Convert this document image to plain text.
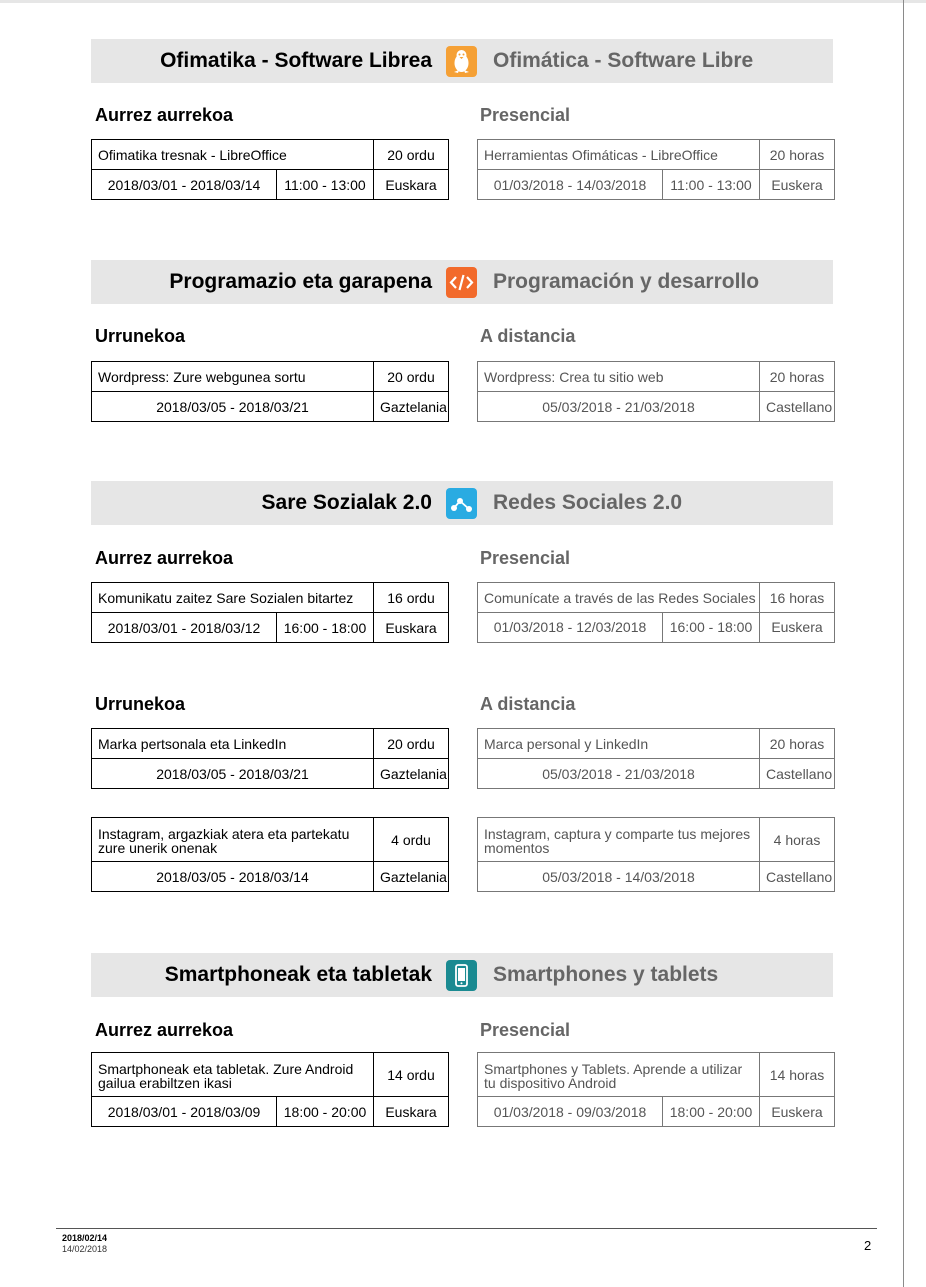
Ofimatika - Software Librea	Ofimática - Software Libre
Aurrez aurrekoa	Presencial
Ofimatika tresnak - LibreOffice		20 ordu
2018/03/01 - 2018/03/14	11:00 - 13:00	Euskara
Herramientas Ofimáticas - LibreOffice		20 horas
01/03/2018 - 14/03/2018	11:00 - 13:00	Euskera
Programazio eta garapena	Programación y desarrollo
Urrunekoa	A distancia
Wordpress: Zure webgunea sortu	20 ordu
2018/03/05 - 2018/03/21	Gaztelania
Wordpress: Crea tu sitio web	20 horas
05/03/2018 - 21/03/2018	Castellano
Sare Sozialak 2.0	Redes Sociales 2.0
Aurrez aurrekoa	Presencial
Komunikatu zaitez Sare Sozialen bitartez		16 ordu
2018/03/01 - 2018/03/12	16:00 - 18:00	Euskara
Comunícate a través de las Redes Sociales	16 horas
01/03/2018 - 12/03/2018	16:00 - 18:00	Euskera
Urrunekoa	A distancia
Marka pertsonala eta LinkedIn	20 ordu
2018/03/05 - 2018/03/21	Gaztelania
Marca personal y LinkedIn	20 horas
05/03/2018 - 21/03/2018	Castellano
Instagram, argazkiak atera eta partekatu zure unerik onenak	4 ordu
2018/03/05 - 2018/03/14	Gaztelania
Instagram, captura y comparte tus mejores momentos	4 horas
05/03/2018 - 14/03/2018	Castellano
Smartphoneak eta tabletak	Smartphones y tablets
Aurrez aurrekoa	Presencial
Smartphoneak eta tabletak. Zure Android gailua erabiltzen ikasi		14 ordu
2018/03/01 - 2018/03/09	18:00 - 20:00	Euskara
Smartphones y Tablets. Aprende a utilizar tu dispositivo Android		14 horas
01/03/2018 - 09/03/2018	18:00 - 20:00	Euskera
2018/02/14
14/02/2018	2
